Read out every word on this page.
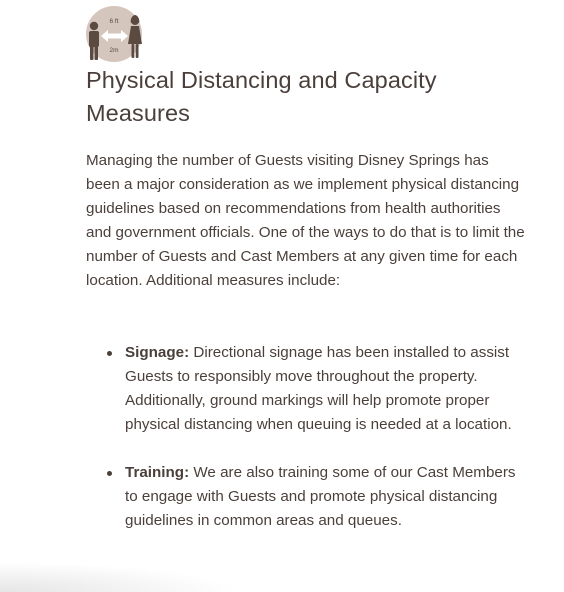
6 ft
2m
Physical Distancing and Capacity Measures

Managing the number of Guests visiting Disney Springs has been a major consideration as we implement physical distancing guidelines based on recommendations from health authorities and government officials. One of the ways to do that is to limit the number of Guests and Cast Members at any given time for each location. Additional measures include:

Signage: Directional signage has been installed to assist Guests to responsibly move throughout the property. Additionally, ground markings will help promote proper physical distancing when queuing is needed at a location.
Training: We are also training some of our Cast Members to engage with Guests and promote physical distancing guidelines in common areas and queues.
